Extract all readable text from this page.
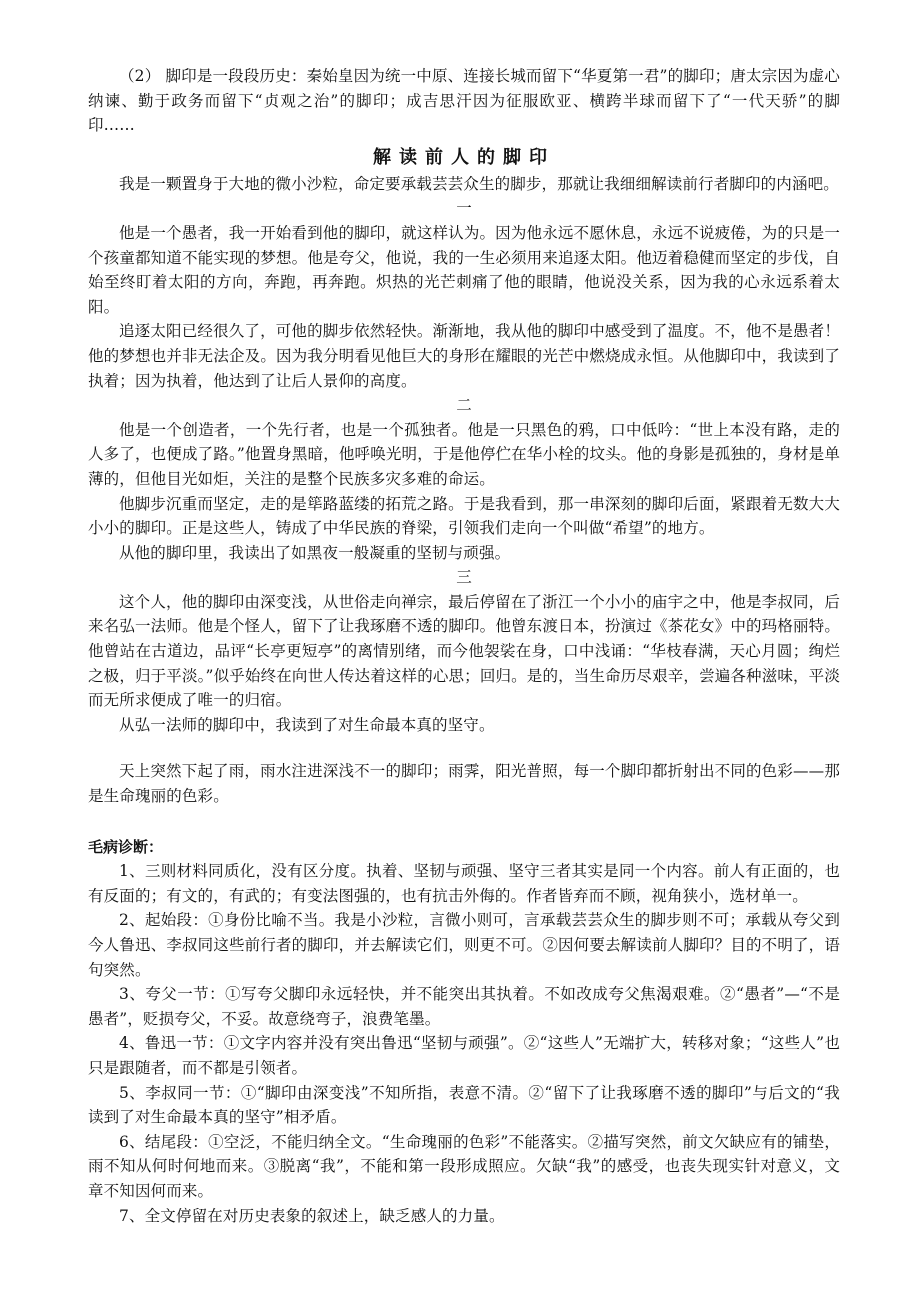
（2） 脚印是一段段历史：秦始皇因为统一中原、连接长城而留下“华夏第一君”的脚印；唐太宗因为虚心纳谏、勤于政务而留下“贞观之治”的脚印；成吉思汗因为征服欧亚、横跨半球而留下了“一代天骄”的脚印……

解读前人的脚印

我是一颗置身于大地的微小沙粒，命定要承载芸芸众生的脚步，那就让我细细解读前行者脚印的内涵吧。

一

他是一个愚者，我一开始看到他的脚印，就这样认为。因为他永远不愿休息，永远不说疲倦，为的只是一个孩童都知道不能实现的梦想。他是夸父，他说，我的一生必须用来追逐太阳。他迈着稳健而坚定的步伐，自始至终盯着太阳的方向，奔跑，再奔跑。炽热的光芒刺痛了他的眼睛，他说没关系，因为我的心永远系着太阳。

追逐太阳已经很久了，可他的脚步依然轻快。渐渐地，我从他的脚印中感受到了温度。不，他不是愚者！他的梦想也并非无法企及。因为我分明看见他巨大的身形在耀眼的光芒中燃烧成永恒。从他脚印中，我读到了执着；因为执着，他达到了让后人景仰的高度。

二

他是一个创造者，一个先行者，也是一个孤独者。他是一只黑色的鸦，口中低吟：“世上本没有路，走的人多了，也便成了路。”他置身黑暗，他呼唤光明，于是他停伫在华小栓的坟头。他的身影是孤独的，身材是单薄的，但他目光如炬，关注的是整个民族多灾多难的命运。

他脚步沉重而坚定，走的是筚路蓝缕的拓荒之路。于是我看到，那一串深刻的脚印后面，紧跟着无数大大小小的脚印。正是这些人，铸成了中华民族的脊梁，引领我们走向一个叫做“希望”的地方。

从他的脚印里，我读出了如黑夜一般凝重的坚韧与顽强。

三

这个人，他的脚印由深变浅，从世俗走向禅宗，最后停留在了浙江一个小小的庙宇之中，他是李叔同，后来名弘一法师。他是个怪人，留下了让我琢磨不透的脚印。他曾东渡日本，扮演过《茶花女》中的玛格丽特。他曾站在古道边，品评“长亭更短亭”的离情别绪，而今他袈裟在身，口中浅诵：“华枝春满，天心月圆；绚烂之极，归于平淡。”似乎始终在向世人传达着这样的心思；回归。是的，当生命历尽艰辛，尝遍各种滋味，平淡而无所求便成了唯一的归宿。

从弘一法师的脚印中，我读到了对生命最本真的坚守。

天上突然下起了雨，雨水注进深浅不一的脚印；雨霁，阳光普照，每一个脚印都折射出不同的色彩——那是生命瑰丽的色彩。

毛病诊断：

1、三则材料同质化，没有区分度。执着、坚韧与顽强、坚守三者其实是同一个内容。前人有正面的，也有反面的；有文的，有武的；有变法图强的，也有抗击外侮的。作者皆弃而不顾，视角狭小，选材单一。

2、起始段：①身份比喻不当。我是小沙粒，言微小则可，言承载芸芸众生的脚步则不可；承载从夸父到今人鲁迅、李叔同这些前行者的脚印，并去解读它们，则更不可。②因何要去解读前人脚印？目的不明了，语句突然。

3、夸父一节：①写夸父脚印永远轻快，并不能突出其执着。不如改成夸父焦渴艰难。②“愚者”—“不是愚者”，贬损夸父，不妥。故意绕弯子，浪费笔墨。

4、鲁迅一节：①文字内容并没有突出鲁迅“坚韧与顽强”。②“这些人”无端扩大，转移对象；“这些人”也只是跟随者，而不都是引领者。

5、李叔同一节：①“脚印由深变浅”不知所指，表意不清。②“留下了让我琢磨不透的脚印”与后文的“我读到了对生命最本真的坚守”相矛盾。

6、结尾段：①空泛，不能归纳全文。“生命瑰丽的色彩”不能落实。②描写突然，前文欠缺应有的铺垫，雨不知从何时何地而来。③脱离“我”，不能和第一段形成照应。欠缺“我”的感受，也丧失现实针对意义，文章不知因何而来。

7、全文停留在对历史表象的叙述上，缺乏感人的力量。
